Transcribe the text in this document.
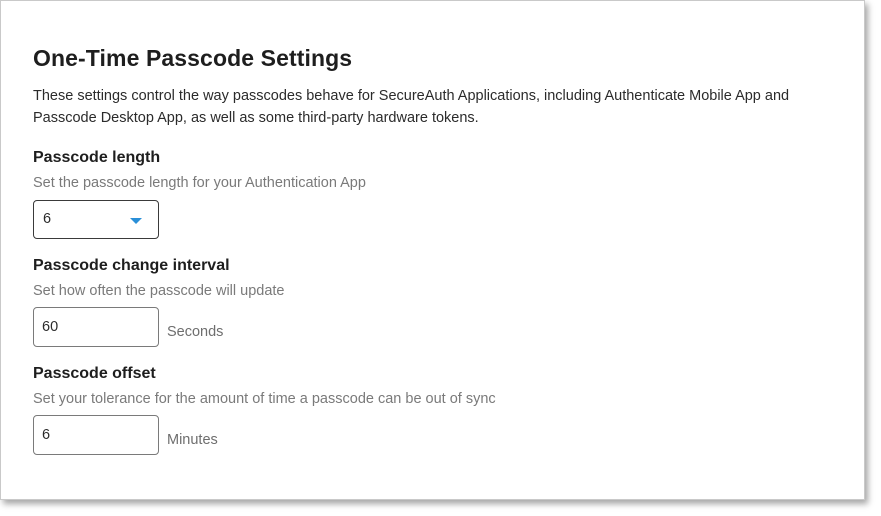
One-Time Passcode Settings

These settings control the way passcodes behave for SecureAuth Applications, including Authenticate Mobile App and Passcode Desktop App, as well as some third-party hardware tokens.

Passcode length
Set the passcode length for your Authentication App
6
Passcode change interval
Set how often the passcode will update
60
Seconds
Passcode offset
Set your tolerance for the amount of time a passcode can be out of sync
6
Minutes
